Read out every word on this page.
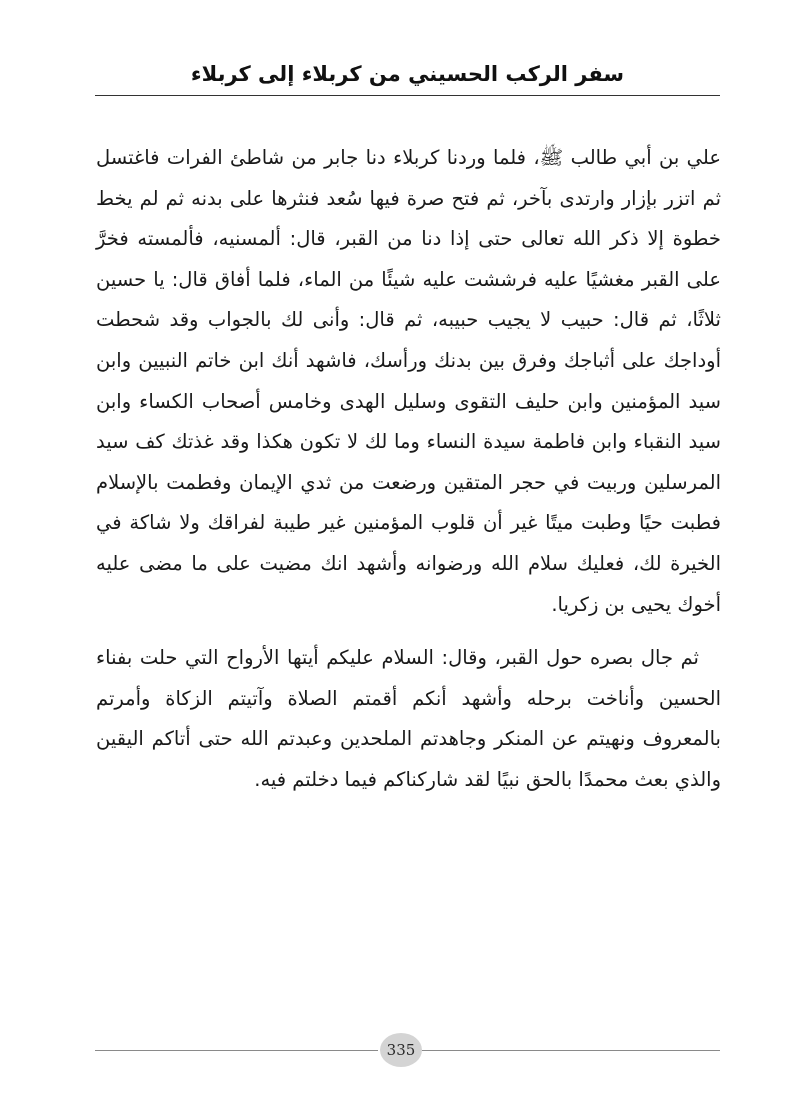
سفر الركب الحسيني من كربلاء إلى كربلاء

علي بن أبي طالب ﷺ، فلما وردنا كربلاء دنا جابر من شاطئ الفرات فاغتسل ثم اتزر بإزار وارتدى بآخر، ثم فتح صرة فيها سُعد فنثرها على بدنه ثم لم يخط خطوة إلا ذكر الله تعالى حتى إذا دنا من القبر، قال: ألمسنيه، فألمسته فخرَّ على القبر مغشيًا عليه فرششت عليه شيئًا من الماء، فلما أفاق قال: يا حسين ثلاثًا، ثم قال: حبيب لا يجيب حبيبه، ثم قال: وأنى لك بالجواب وقد شحطت أوداجك على أثباجك وفرق بين بدنك ورأسك، فاشهد أنك ابن خاتم النبيين وابن سيد المؤمنين وابن حليف التقوى وسليل الهدى وخامس أصحاب الكساء وابن سيد النقباء وابن فاطمة سيدة النساء وما لك لا تكون هكذا وقد غذتك كف سيد المرسلين وربيت في حجر المتقين ورضعت من ثدي الإيمان وفطمت بالإسلام فطبت حيًا وطبت ميتًا غير أن قلوب المؤمنين غير طيبة لفراقك ولا شاكة في الخيرة لك، فعليك سلام الله ورضوانه وأشهد انك مضيت على ما مضى عليه أخوك يحيى بن زكريا.

ثم جال بصره حول القبر، وقال: السلام عليكم أيتها الأرواح التي حلت بفناء الحسين وأناخت برحله وأشهد أنكم أقمتم الصلاة وآتيتم الزكاة وأمرتم بالمعروف ونهيتم عن المنكر وجاهدتم الملحدين وعبدتم الله حتى أتاكم اليقين والذي بعث محمدًا بالحق نبيًا لقد شاركناكم فيما دخلتم فيه.

335
